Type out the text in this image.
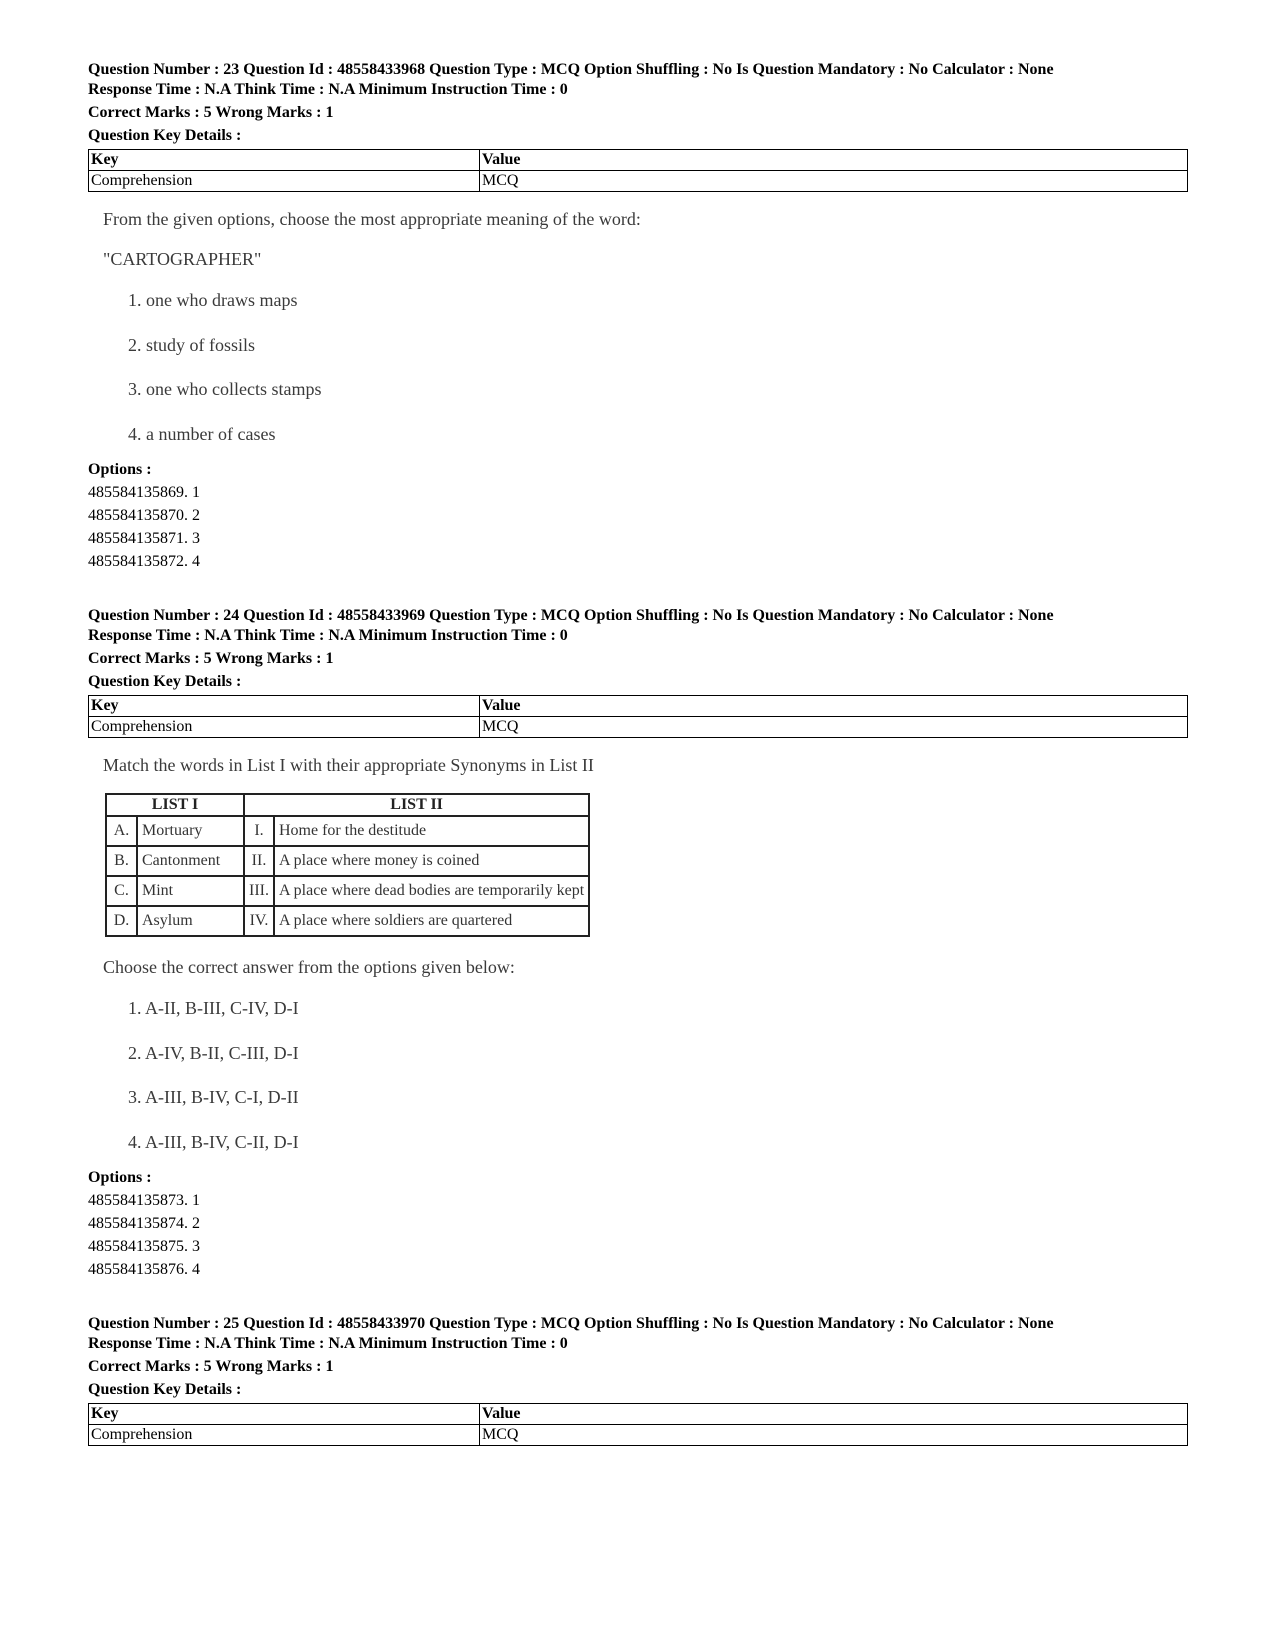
Question Number : 23 Question Id : 48558433968 Question Type : MCQ Option Shuffling : No Is Question Mandatory : No Calculator : None
Response Time : N.A Think Time : N.A Minimum Instruction Time : 0
Correct Marks : 5 Wrong Marks : 1
Question Key Details :
Key	Value
Comprehension	MCQ

From the given options, choose the most appropriate meaning of the word:

"CARTOGRAPHER"

1. one who draws maps
2. study of fossils
3. one who collects stamps
4. a number of cases
Options :
485584135869. 1
485584135870. 2
485584135871. 3
485584135872. 4
Question Number : 24 Question Id : 48558433969 Question Type : MCQ Option Shuffling : No Is Question Mandatory : No Calculator : None
Response Time : N.A Think Time : N.A Minimum Instruction Time : 0
Correct Marks : 5 Wrong Marks : 1
Question Key Details :
Key	Value
Comprehension	MCQ

Match the words in List I with their appropriate Synonyms in List II

LIST I		LIST II	
A.	Mortuary	I.	Home for the destitude
B.	Cantonment	II.	A place where money is coined
C.	Mint	III.	A place where dead bodies are temporarily kept
D.	Asylum	IV.	A place where soldiers are quartered

Choose the correct answer from the options given below:

1. A-II, B-III, C-IV, D-I
2. A-IV, B-II, C-III, D-I
3. A-III, B-IV, C-I, D-II
4. A-III, B-IV, C-II, D-I
Options :
485584135873. 1
485584135874. 2
485584135875. 3
485584135876. 4
Question Number : 25 Question Id : 48558433970 Question Type : MCQ Option Shuffling : No Is Question Mandatory : No Calculator : None
Response Time : N.A Think Time : N.A Minimum Instruction Time : 0
Correct Marks : 5 Wrong Marks : 1
Question Key Details :
Key	Value
Comprehension	MCQ
